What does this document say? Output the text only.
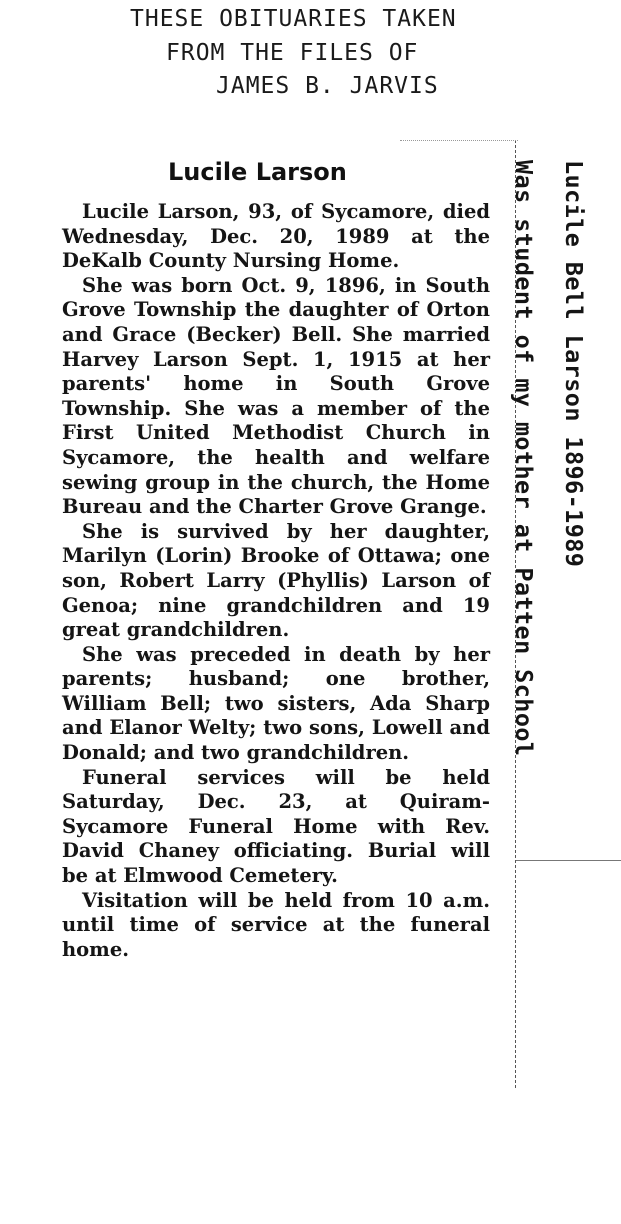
THESE OBITUARIES TAKEN
FROM THE FILES OF
JAMES B. JARVIS
Lucile Larson

Lucile Larson, 93, of Sycamore, died Wednesday, Dec. 20, 1989 at the DeKalb County Nursing Home.

She was born Oct. 9, 1896, in South Grove Township the daughter of Orton and Grace (Becker) Bell. She married Harvey Larson Sept. 1, 1915 at her parents' home in South Grove Township. She was a member of the First United Methodist Church in Sycamore, the health and welfare sewing group in the church, the Home Bureau and the Charter Grove Grange.

She is survived by her daughter, Marilyn (Lorin) Brooke of Ottawa; one son, Robert Larry (Phyllis) Larson of Genoa; nine grandchildren and 19 great grandchildren.

She was preceded in death by her parents; husband; one brother, William Bell; two sisters, Ada Sharp and Elanor Welty; two sons, Lowell and Donald; and two grandchildren.

Funeral services will be held Saturday, Dec. 23, at Quiram-Sycamore Funeral Home with Rev. David Chaney officiating. Burial will be at Elmwood Cemetery.

Visitation will be held from 10 a.m. until time of service at the funeral home.

Lucile Bell Larson 1896-1989
Was student of my mother at Patten School
